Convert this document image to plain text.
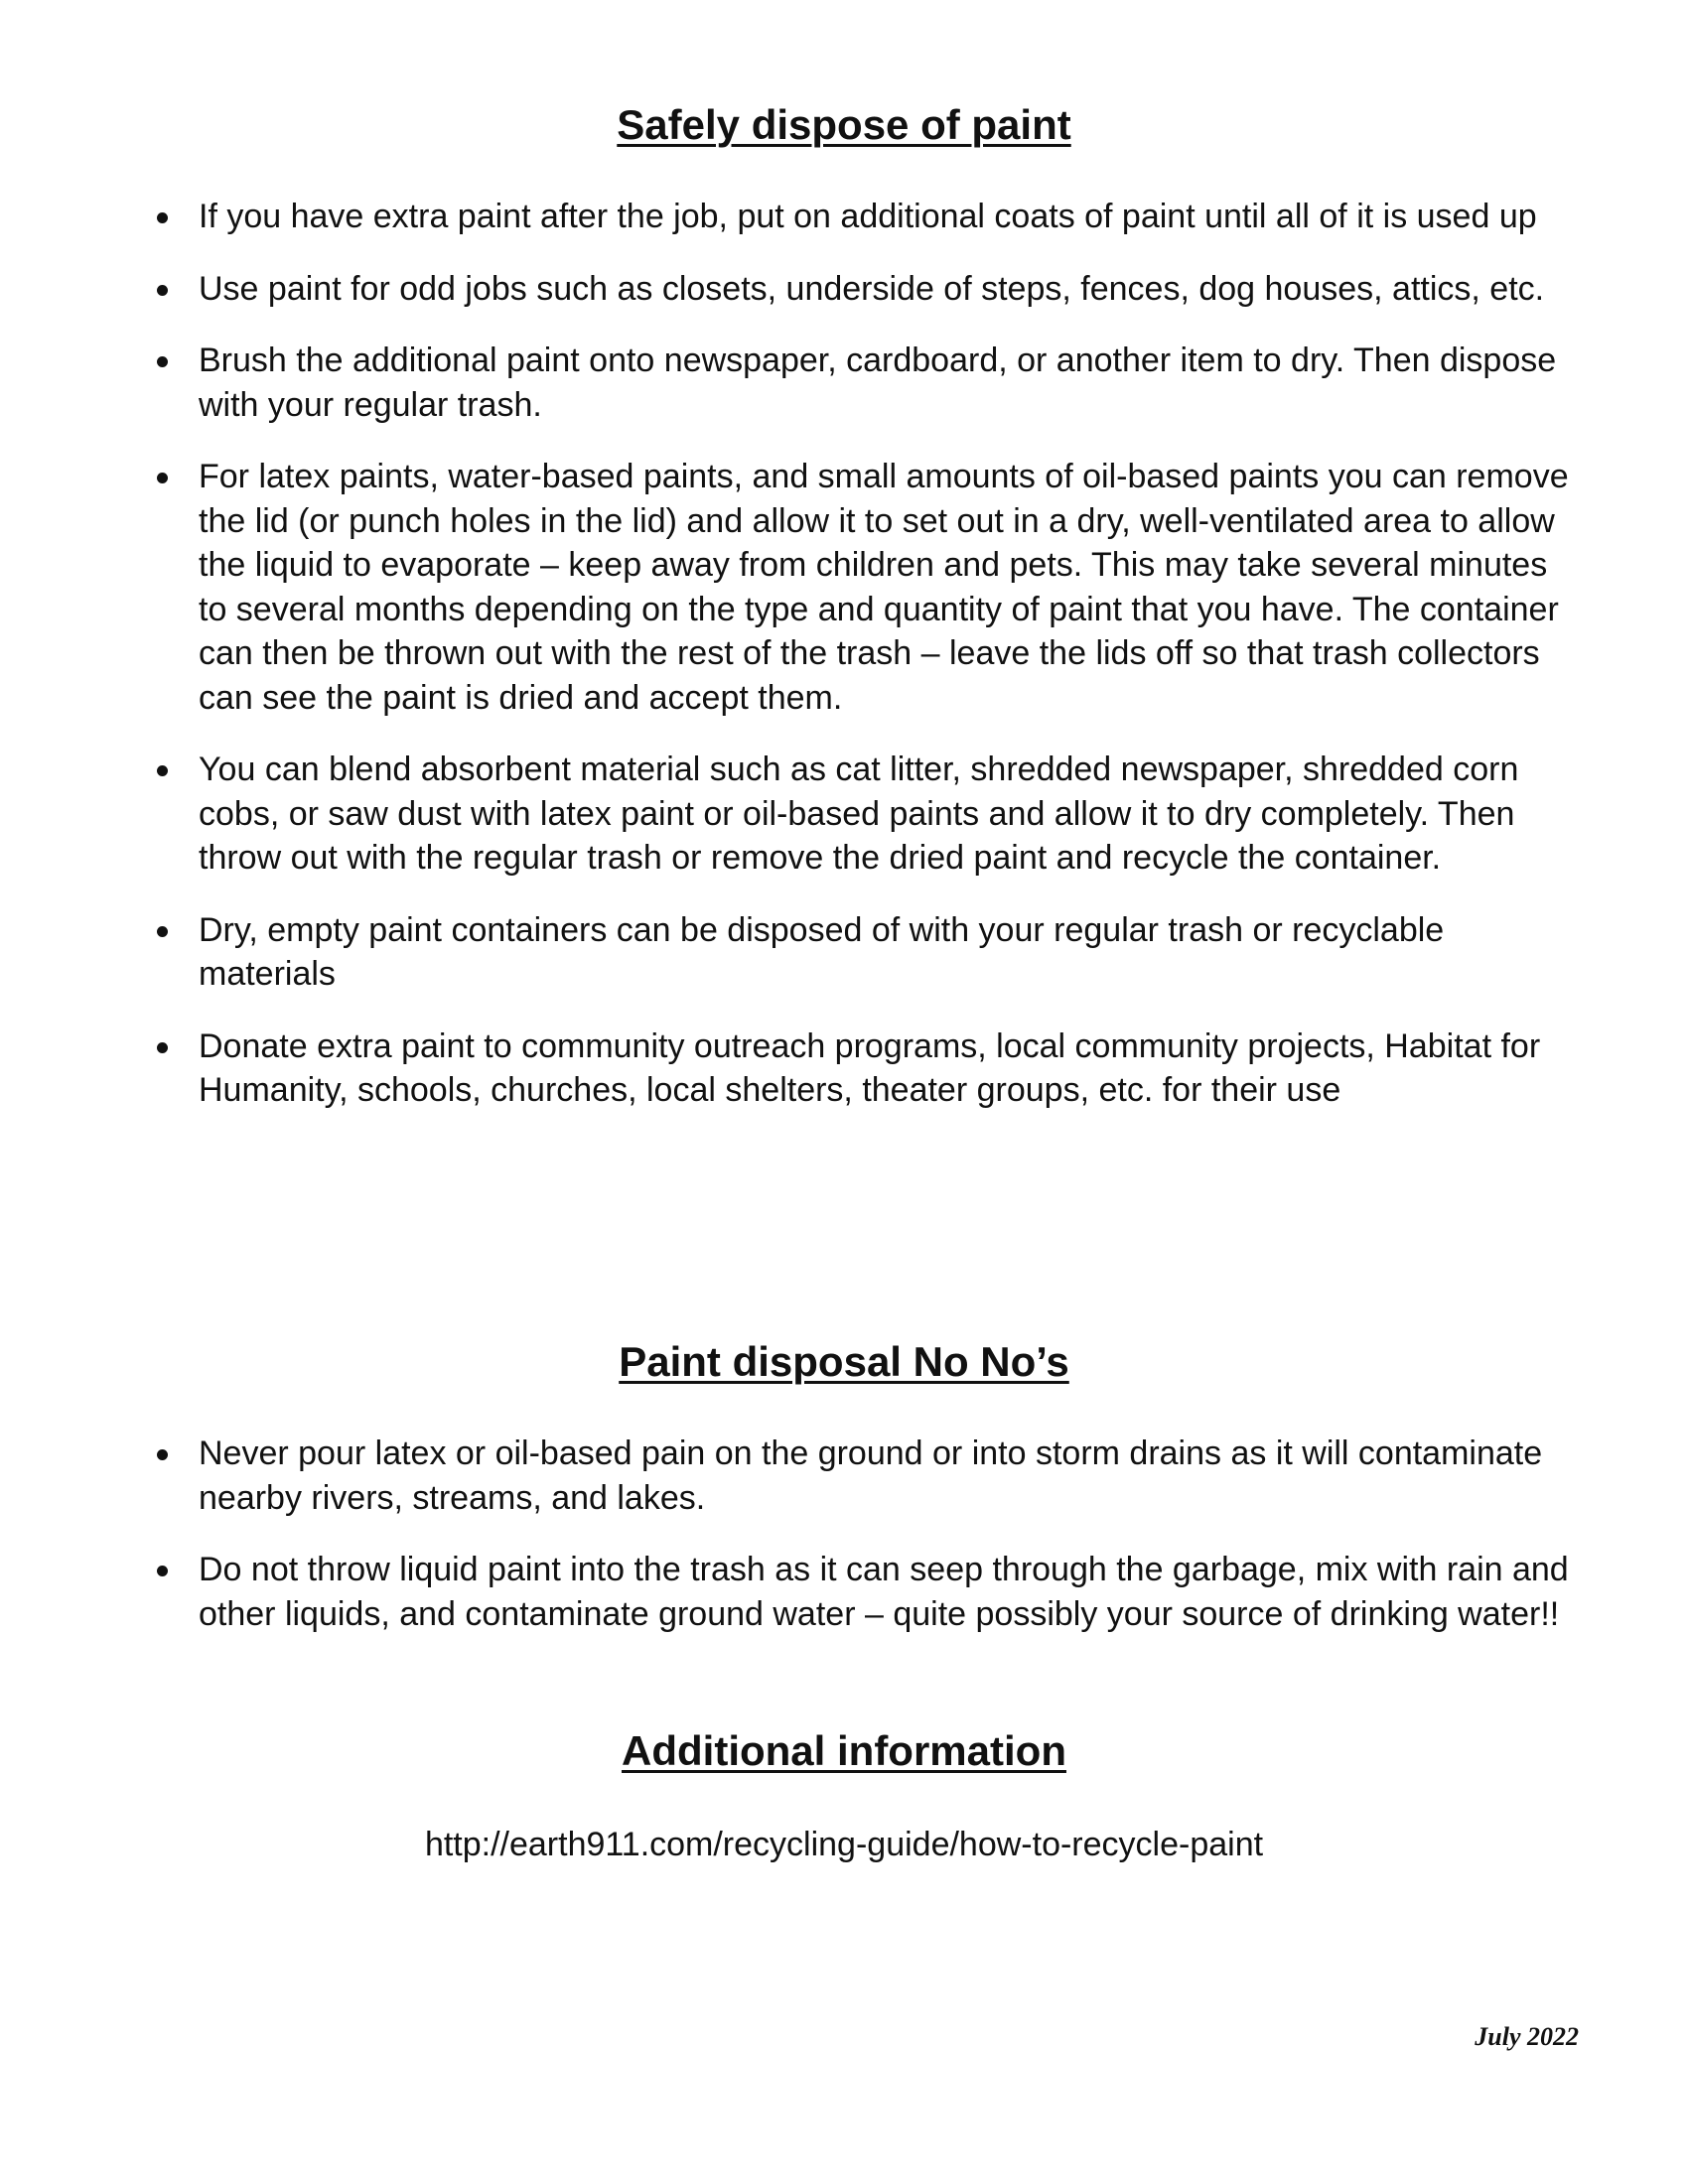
Safely dispose of paint
If you have extra paint after the job, put on additional coats of paint until all of it is used up
Use paint for odd jobs such as closets, underside of steps, fences, dog houses, attics, etc.
Brush the additional paint onto newspaper, cardboard, or another item to dry. Then dispose with your regular trash.
For latex paints, water-based paints, and small amounts of oil-based paints you can remove the lid (or punch holes in the lid) and allow it to set out in a dry, well-ventilated area to allow the liquid to evaporate – keep away from children and pets. This may take several minutes to several months depending on the type and quantity of paint that you have. The container can then be thrown out with the rest of the trash – leave the lids off so that trash collectors can see the paint is dried and accept them.
You can blend absorbent material such as cat litter, shredded newspaper, shredded corn cobs, or saw dust with latex paint or oil-based paints and allow it to dry completely. Then throw out with the regular trash or remove the dried paint and recycle the container.
Dry, empty paint containers can be disposed of with your regular trash or recyclable materials
Donate extra paint to community outreach programs, local community projects, Habitat for Humanity, schools, churches, local shelters, theater groups, etc. for their use
Paint disposal No No’s
Never pour latex or oil-based pain on the ground or into storm drains as it will contaminate nearby rivers, streams, and lakes.
Do not throw liquid paint into the trash as it can seep through the garbage, mix with rain and other liquids, and contaminate ground water – quite possibly your source of drinking water!!
Additional information
http://earth911.com/recycling-guide/how-to-recycle-paint
July 2022
